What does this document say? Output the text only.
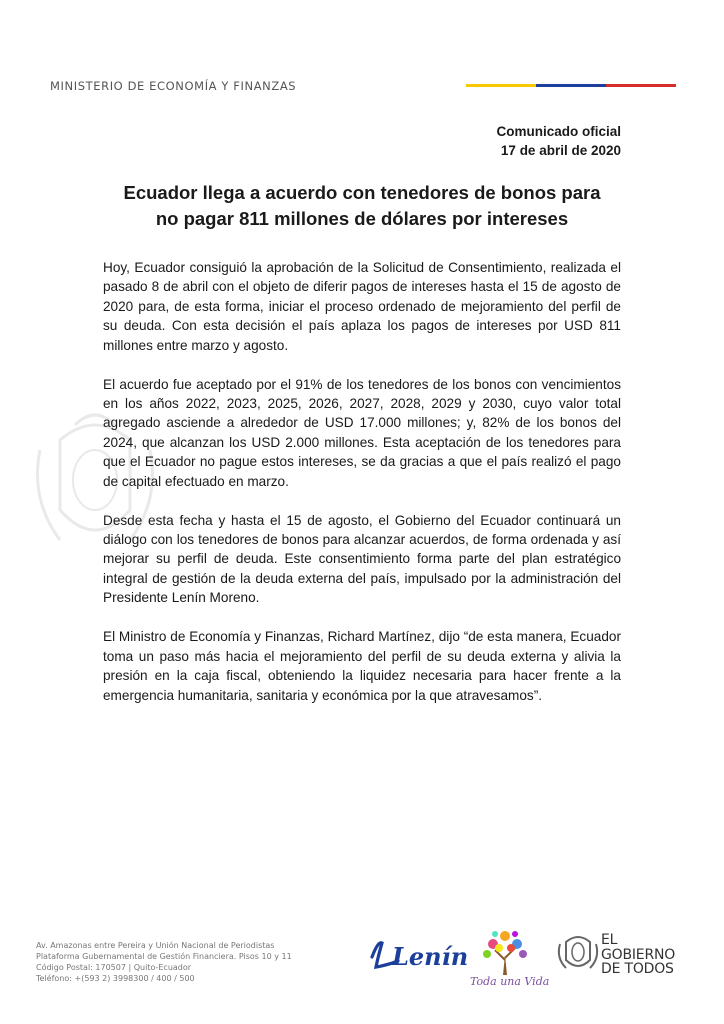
MINISTERIO DE ECONOMÍA Y FINANZAS
Comunicado oficial
17 de abril de 2020
Ecuador llega a acuerdo con tenedores de bonos para
no pagar 811 millones de dólares por intereses

Hoy, Ecuador consiguió la aprobación de la Solicitud de Consentimiento, realizada el pasado 8 de abril con el objeto de diferir pagos de intereses hasta el 15 de agosto de 2020 para, de esta forma, iniciar el proceso ordenado de mejoramiento del perfil de su deuda. Con esta decisión el país aplaza los pagos de intereses por USD 811 millones entre marzo y agosto.

El acuerdo fue aceptado por el 91% de los tenedores de los bonos con vencimientos en los años 2022, 2023, 2025, 2026, 2027, 2028, 2029 y 2030, cuyo valor total agregado asciende a alrededor de USD 17.000 millones; y, 82% de los bonos del 2024, que alcanzan los USD 2.000 millones. Esta aceptación de los tenedores para que el Ecuador no pague estos intereses, se da gracias a que el país realizó el pago de capital efectuado en marzo.

Desde esta fecha y hasta el 15 de agosto, el Gobierno del Ecuador continuará un diálogo con los tenedores de bonos para alcanzar acuerdos, de forma ordenada y así mejorar su perfil de deuda. Este consentimiento forma parte del plan estratégico integral de gestión de la deuda externa del país, impulsado por la administración del Presidente Lenín Moreno.

El Ministro de Economía y Finanzas, Richard Martínez, dijo “de esta manera, Ecuador toma un paso más hacia el mejoramiento del perfil de su deuda externa y alivia la presión en la caja fiscal, obteniendo la liquidez necesaria para hacer frente a la emergencia humanitaria, sanitaria y económica por la que atravesamos”.

Av. Amazonas entre Pereira y Unión Nacional de Periodistas
Plataforma Gubernamental de Gestión Financiera. Pisos 10 y 11
Código Postal: 170507 | Quito-Ecuador
Teléfono: +(593 2) 3998300 / 400 / 500
Lenín
Toda una Vida
EL
GOBIERNO
DE TODOS
